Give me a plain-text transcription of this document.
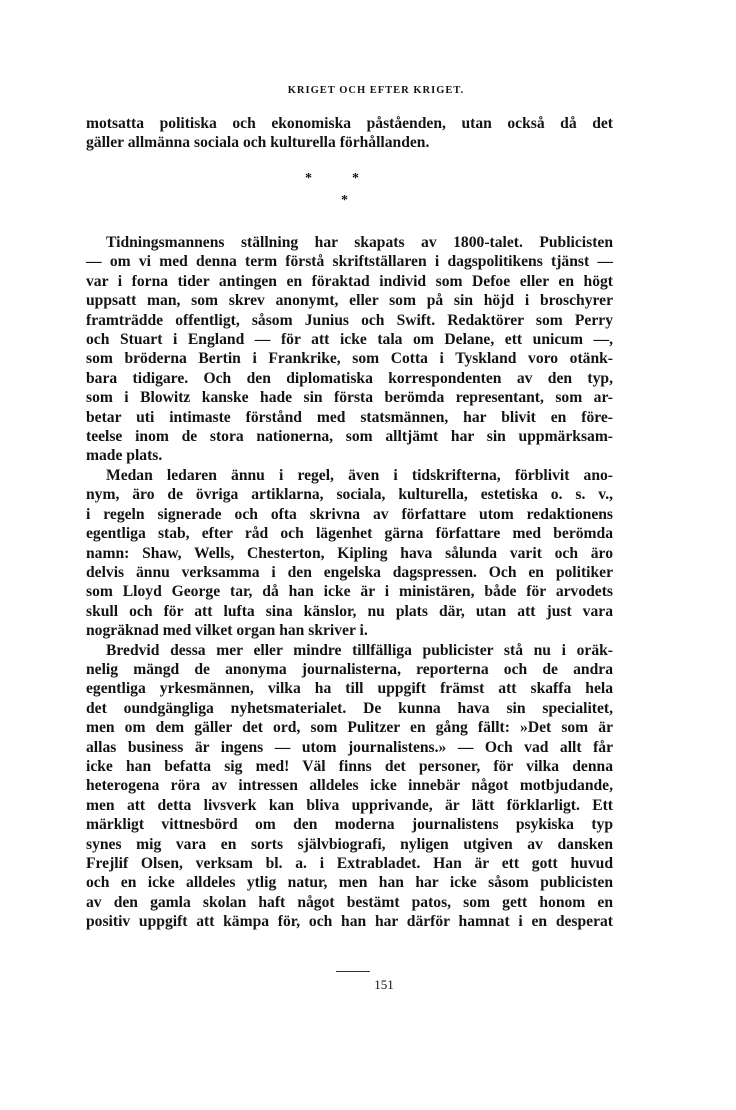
KRIGET OCH EFTER KRIGET.
motsatta politiska och ekonomiska påståenden, utan också då det
gäller allmänna sociala och kulturella förhållanden.
*	*
*
Tidningsmannens ställning har skapats av 1800-talet. Publicisten
— om vi med denna term förstå skriftställaren i dagspolitikens tjänst —
var i forna tider antingen en föraktad individ som Defoe eller en högt
uppsatt man, som skrev anonymt, eller som på sin höjd i broschyrer
framträdde offentligt, såsom Junius och Swift. Redaktörer som Perry
och Stuart i England — för att icke tala om Delane, ett unicum —,
som bröderna Bertin i Frankrike, som Cotta i Tyskland voro otänk-
bara tidigare. Och den diplomatiska korrespondenten av den typ,
som i Blowitz kanske hade sin första berömda representant, som ar-
betar uti intimaste förstånd med statsmännen, har blivit en före-
teelse inom de stora nationerna, som alltjämt har sin uppmärksam-
made plats.
Medan ledaren ännu i regel, även i tidskrifterna, förblivit ano-
nym, äro de övriga artiklarna, sociala, kulturella, estetiska o. s. v.,
i regeln signerade och ofta skrivna av författare utom redaktionens
egentliga stab, efter råd och lägenhet gärna författare med berömda
namn: Shaw, Wells, Chesterton, Kipling hava sålunda varit och äro
delvis ännu verksamma i den engelska dagspressen. Och en politiker
som Lloyd George tar, då han icke är i ministären, både för arvodets
skull och för att lufta sina känslor, nu plats där, utan att just vara
nogräknad med vilket organ han skriver i.
Bredvid dessa mer eller mindre tillfälliga publicister stå nu i oräk-
nelig mängd de anonyma journalisterna, reporterna och de andra
egentliga yrkesmännen, vilka ha till uppgift främst att skaffa hela
det oundgängliga nyhetsmaterialet. De kunna hava sin specialitet,
men om dem gäller det ord, som Pulitzer en gång fällt: »Det som är
allas business är ingens — utom journalistens.» — Och vad allt får
icke han befatta sig med! Väl finns det personer, för vilka denna
heterogena röra av intressen alldeles icke innebär något motbjudande,
men att detta livsverk kan bliva upprivande, är lätt förklarligt. Ett
märkligt vittnesbörd om den moderna journalistens psykiska typ
synes mig vara en sorts självbiografi, nyligen utgiven av dansken
Frejlif Olsen, verksam bl. a. i Extrabladet. Han är ett gott huvud
och en icke alldeles ytlig natur, men han har icke såsom publicisten
av den gamla skolan haft något bestämt patos, som gett honom en
positiv uppgift att kämpa för, och han har därför hamnat i en desperat
151
